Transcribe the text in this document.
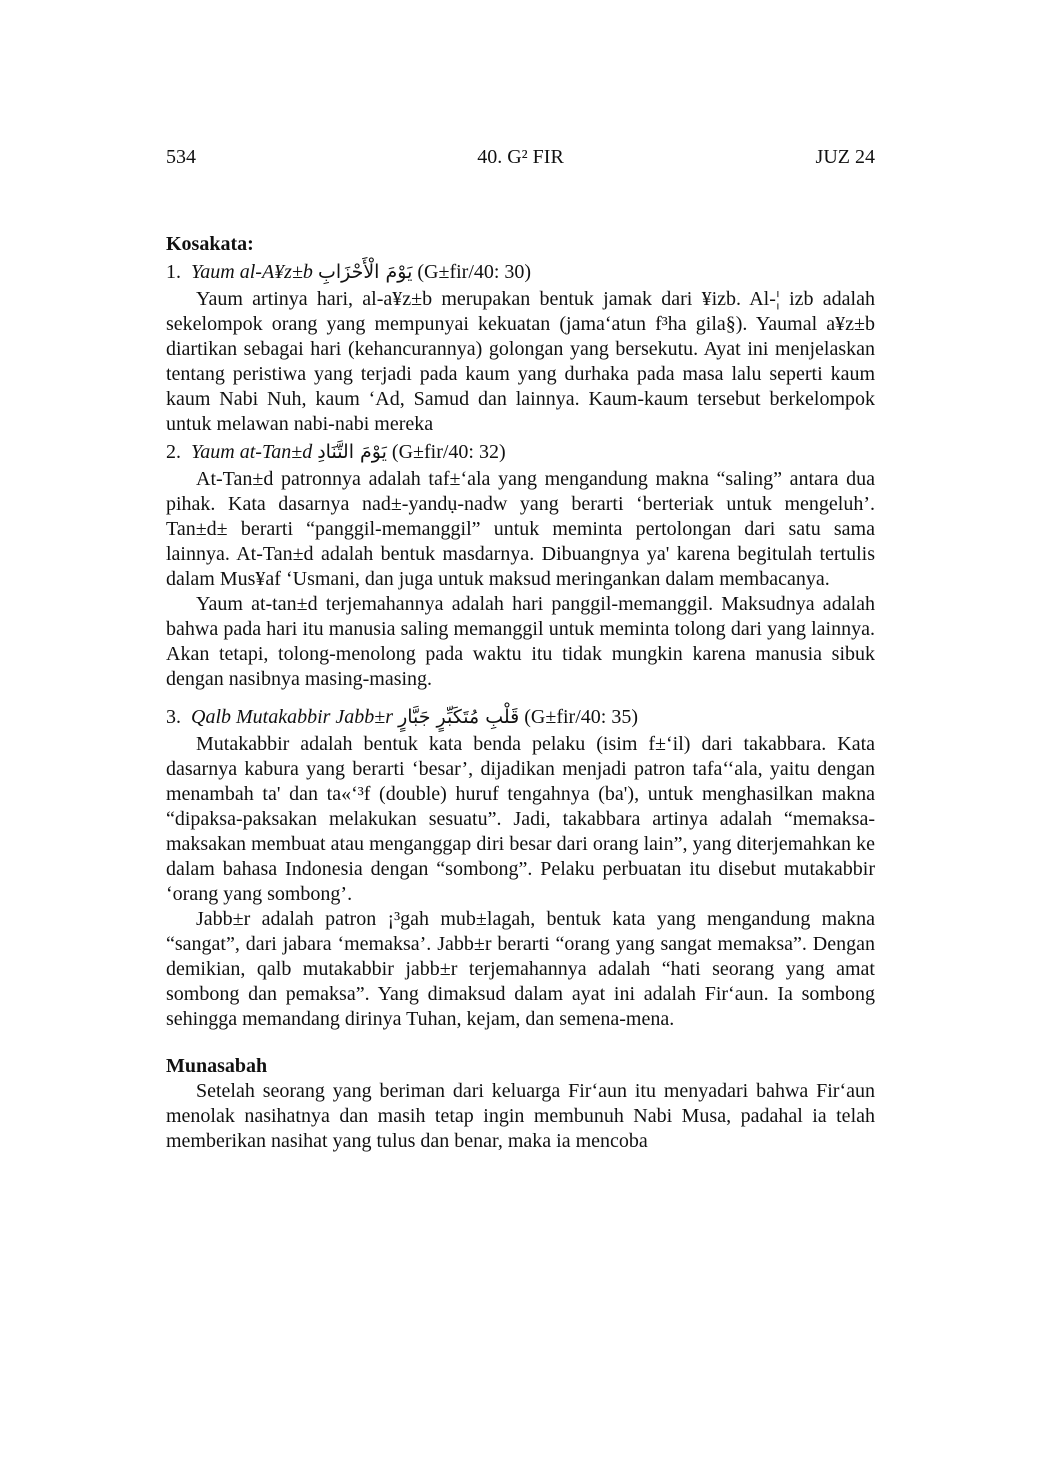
534	40. G² FIR	JUZ 24
Kosakata:

1. Yaum al-A¥z±b يَوْمَ الْأَحْزَابِ (G±fir/40: 30)

Yaum artinya hari, al-a¥z±b merupakan bentuk jamak dari ¥izb. Al-¦ izb adalah sekelompok orang yang mempunyai kekuatan (jama‘atun f³ha gila§). Yaumal a¥z±b diartikan sebagai hari (kehancurannya) golongan yang bersekutu. Ayat ini menjelaskan tentang peristiwa yang terjadi pada kaum yang durhaka pada masa lalu seperti kaum kaum Nabi Nuh, kaum ‘Ad, Samud dan lainnya. Kaum-kaum tersebut berkelompok untuk melawan nabi-nabi mereka

2. Yaum at-Tan±d يَوْمَ التَّنَادِ (G±fir/40: 32)

At-Tan±d patronnya adalah taf±‘ala yang mengandung makna “saling” antara dua pihak. Kata dasarnya nad±-yandụ-nadw yang berarti ‘berteriak untuk mengeluh’. Tan±d± berarti “panggil-memanggil” untuk meminta pertolongan dari satu sama lainnya. At-Tan±d adalah bentuk masdarnya. Dibuangnya ya' karena begitulah tertulis dalam Mus¥af ‘Usmani, dan juga untuk maksud meringankan dalam membacanya.

Yaum at-tan±d terjemahannya adalah hari panggil-memanggil. Maksudnya adalah bahwa pada hari itu manusia saling memanggil untuk meminta tolong dari yang lainnya. Akan tetapi, tolong-menolong pada waktu itu tidak mungkin karena manusia sibuk dengan nasibnya masing-masing.

3. Qalb Mutakabbir Jabb±r قَلْبِ مُتَكَبِّرٍ جَبَّارٍ (G±fir/40: 35)

Mutakabbir adalah bentuk kata benda pelaku (isim f±‘il) dari takabbara. Kata dasarnya kabura yang berarti ‘besar’, dijadikan menjadi patron tafa‘‘ala, yaitu dengan menambah ta' dan ta«‘³f (double) huruf tengahnya (ba'), untuk menghasilkan makna “dipaksa-paksakan melakukan sesuatu”. Jadi, takabbara artinya adalah “memaksa-maksakan membuat atau menganggap diri besar dari orang lain”, yang diterjemahkan ke dalam bahasa Indonesia dengan “sombong”. Pelaku perbuatan itu disebut mutakabbir ‘orang yang sombong’.

Jabb±r adalah patron ¡³gah mub±lagah, bentuk kata yang mengandung makna “sangat”, dari jabara ‘memaksa’. Jabb±r berarti “orang yang sangat memaksa”. Dengan demikian, qalb mutakabbir jabb±r terjemahannya adalah “hati seorang yang amat sombong dan pemaksa”. Yang dimaksud dalam ayat ini adalah Fir‘aun. Ia sombong sehingga memandang dirinya Tuhan, kejam, dan semena-mena.

Munasabah

Setelah seorang yang beriman dari keluarga Fir‘aun itu menyadari bahwa Fir‘aun menolak nasihatnya dan masih tetap ingin membunuh Nabi Musa, padahal ia telah memberikan nasihat yang tulus dan benar, maka ia mencoba
